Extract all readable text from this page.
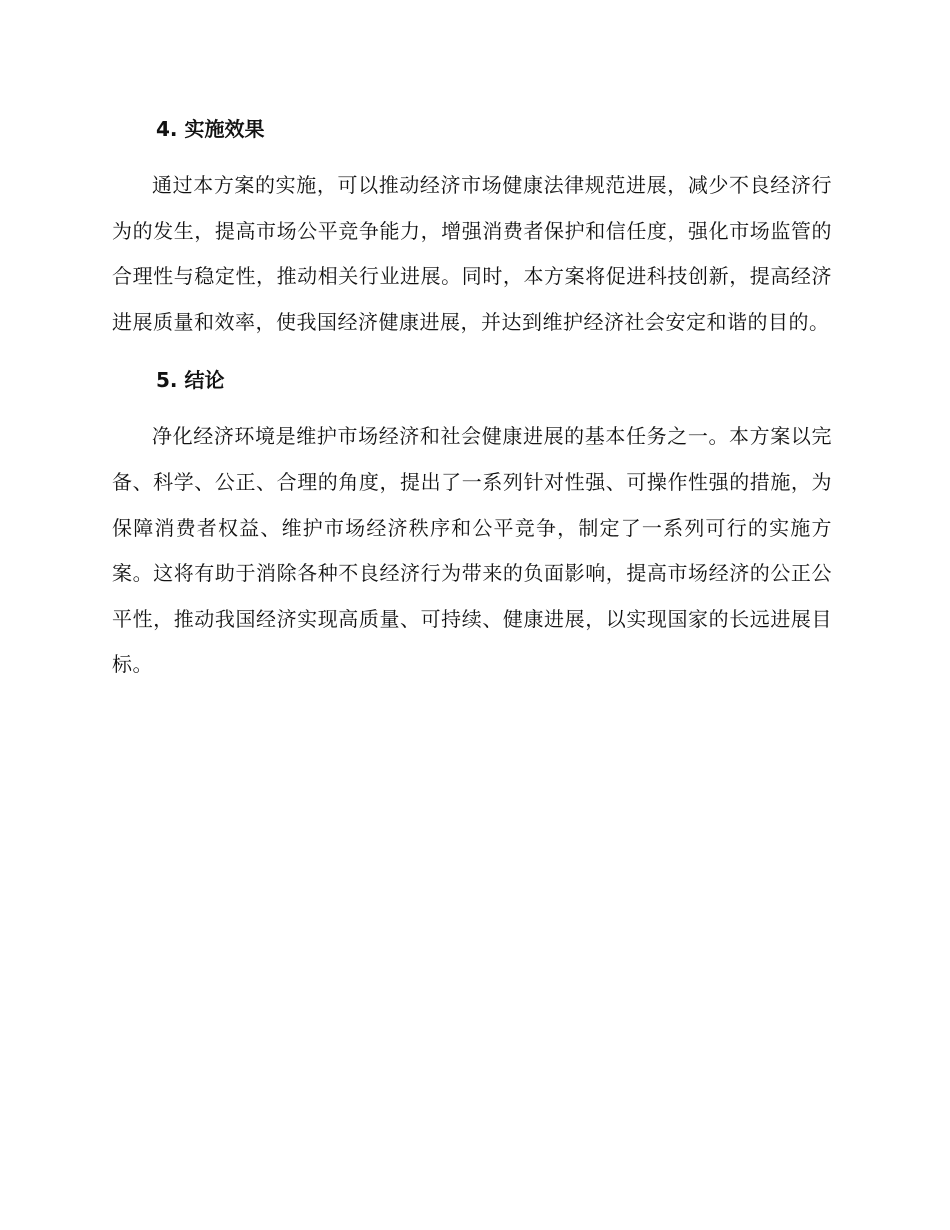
4. 实施效果

通过本方案的实施，可以推动经济市场健康法律规范进展，减少不良经济行为的发生，提高市场公平竞争能力，增强消费者保护和信任度，强化市场监管的合理性与稳定性，推动相关行业进展。同时，本方案将促进科技创新，提高经济进展质量和效率，使我国经济健康进展，并达到维护经济社会安定和谐的目的。

5. 结论

净化经济环境是维护市场经济和社会健康进展的基本任务之一。本方案以完备、科学、公正、合理的角度，提出了一系列针对性强、可操作性强的措施，为保障消费者权益、维护市场经济秩序和公平竞争，制定了一系列可行的实施方案。这将有助于消除各种不良经济行为带来的负面影响，提高市场经济的公正公平性，推动我国经济实现高质量、可持续、健康进展，以实现国家的长远进展目标。
